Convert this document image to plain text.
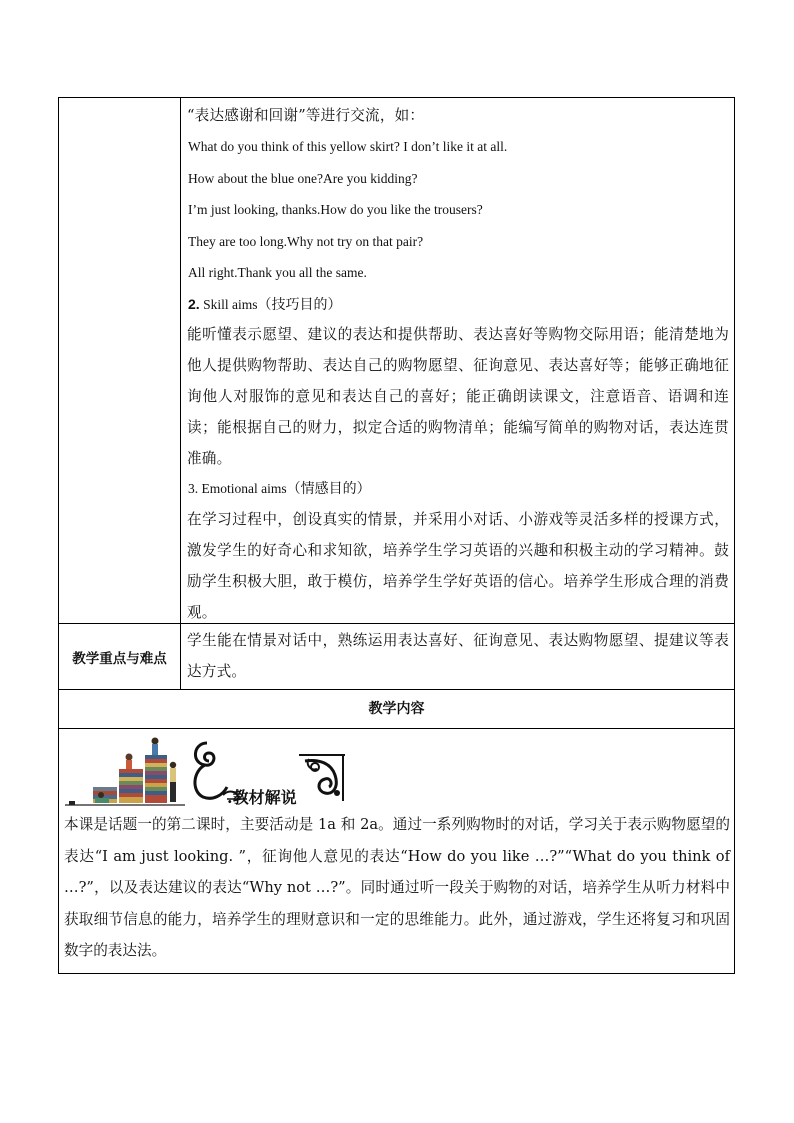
“表达感谢和回谢”等进行交流，如：
What do you think of this yellow skirt? I don’t like it at all.
How about the blue one?Are you kidding?
I’m just looking, thanks.How do you like the trousers?
They are too long.Why not try on that pair?
All right.Thank you all the same.
2. Skill aims（技巧目的）
能听懂表示愿望、建议的表达和提供帮助、表达喜好等购物交际用语；能清楚地为他人提供购物帮助、表达自己的购物愿望、征询意见、表达喜好等；能够正确地征询他人对服饰的意见和表达自己的喜好；能正确朗读课文，注意语音、语调和连读；能根据自己的财力，拟定合适的购物清单；能编写简单的购物对话，表达连贯准确。
3. Emotional aims（情感目的）
在学习过程中，创设真实的情景，并采用小对话、小游戏等灵活多样的授课方式，激发学生的好奇心和求知欲，培养学生学习英语的兴趣和积极主动的学习精神。鼓励学生积极大胆，敢于模仿，培养学生学好英语的信心。培养学生形成合理的消费观。
教学重点与难点
学生能在情景对话中，熟练运用表达喜好、征询意见、表达购物愿望、提建议等表达方式。
教学内容
.教材解说
本课是话题一的第二课时，主要活动是 1a 和 2a。通过一系列购物时的对话，学习关于表示购物愿望的表达“I am just looking. ”，征询他人意见的表达“How do you like …?”“What do you think of …?”，以及表达建议的表达“Why not …?”。同时通过听一段关于购物的对话，培养学生从听力材料中获取细节信息的能力，培养学生的理财意识和一定的思维能力。此外，通过游戏，学生还将复习和巩固数字的表达法。
